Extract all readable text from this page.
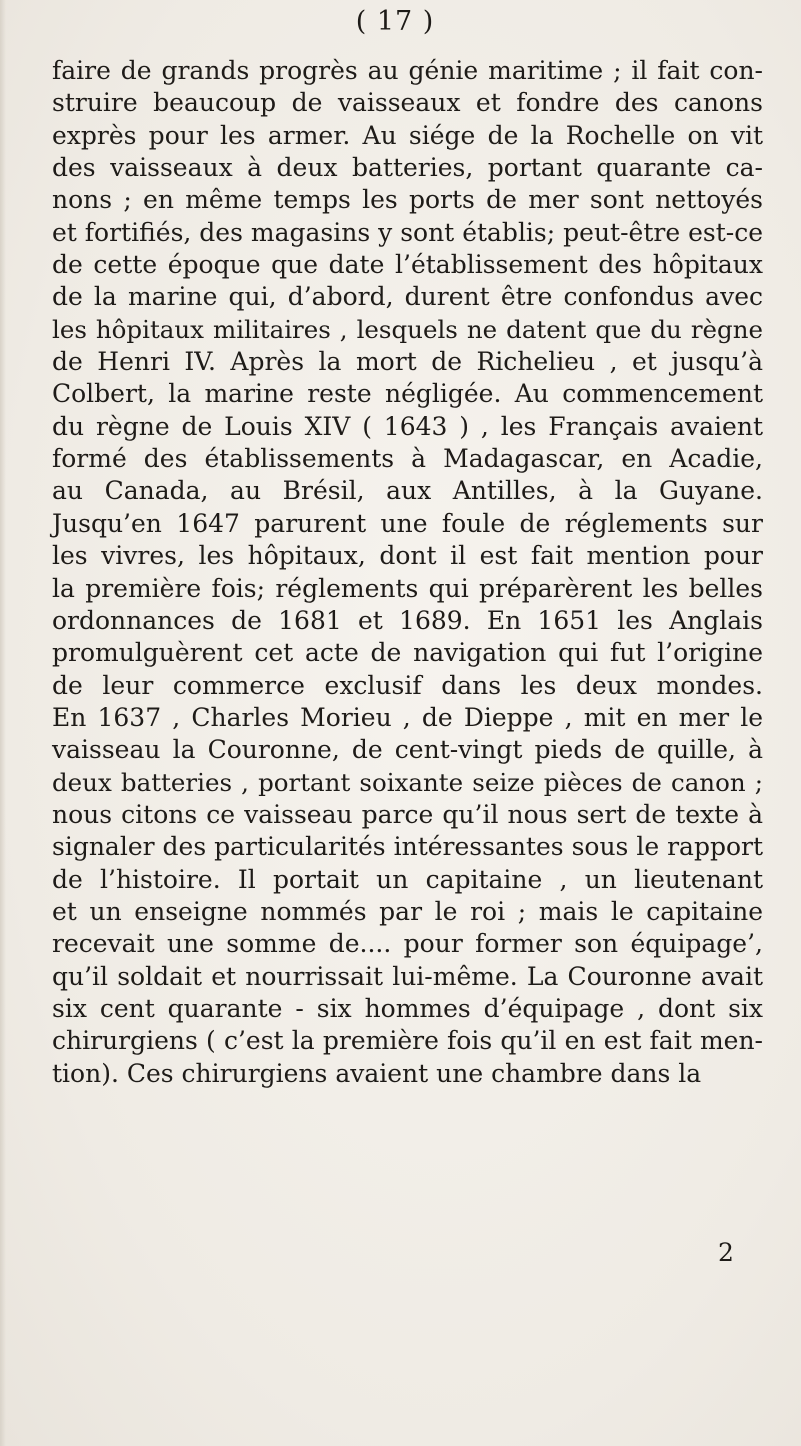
( 17 )
faire de grands progrès au génie maritime ; il fait con-
struire beaucoup de vaisseaux et fondre des canons
exprès pour les armer. Au siége de la Rochelle on vit
des vaisseaux à deux batteries, portant quarante ca-
nons ; en même temps les ports de mer sont nettoyés
et fortifiés, des magasins y sont établis; peut-être est-ce
de cette époque que date l’établissement des hôpitaux
de la marine qui, d’abord, durent être confondus avec
les hôpitaux militaires , lesquels ne datent que du règne
de Henri IV. Après la mort de Richelieu , et jusqu’à
Colbert, la marine reste négligée. Au commencement
du règne de Louis XIV ( 1643 ) , les Français avaient
formé des établissements à Madagascar, en Acadie,
au Canada, au Brésil, aux Antilles, à la Guyane.
Jusqu’en 1647 parurent une foule de réglements sur
les vivres, les hôpitaux, dont il est fait mention pour
la première fois; réglements qui préparèrent les belles
ordonnances de 1681 et 1689. En 1651 les Anglais
promulguèrent cet acte de navigation qui fut l’origine
de leur commerce exclusif dans les deux mondes.
En 1637 , Charles Morieu , de Dieppe , mit en mer le
vaisseau la Couronne, de cent-vingt pieds de quille, à
deux batteries , portant soixante seize pièces de canon ;
nous citons ce vaisseau parce qu’il nous sert de texte à
signaler des particularités intéressantes sous le rapport
de l’histoire. Il portait un capitaine , un lieutenant
et un enseigne nommés par le roi ; mais le capitaine
recevait une somme de.... pour former son équipage’,
qu’il soldait et nourrissait lui-même. La Couronne avait
six cent quarante - six hommes d’équipage , dont six
chirurgiens ( c’est la première fois qu’il en est fait men-
tion). Ces chirurgiens avaient une chambre dans la
2
